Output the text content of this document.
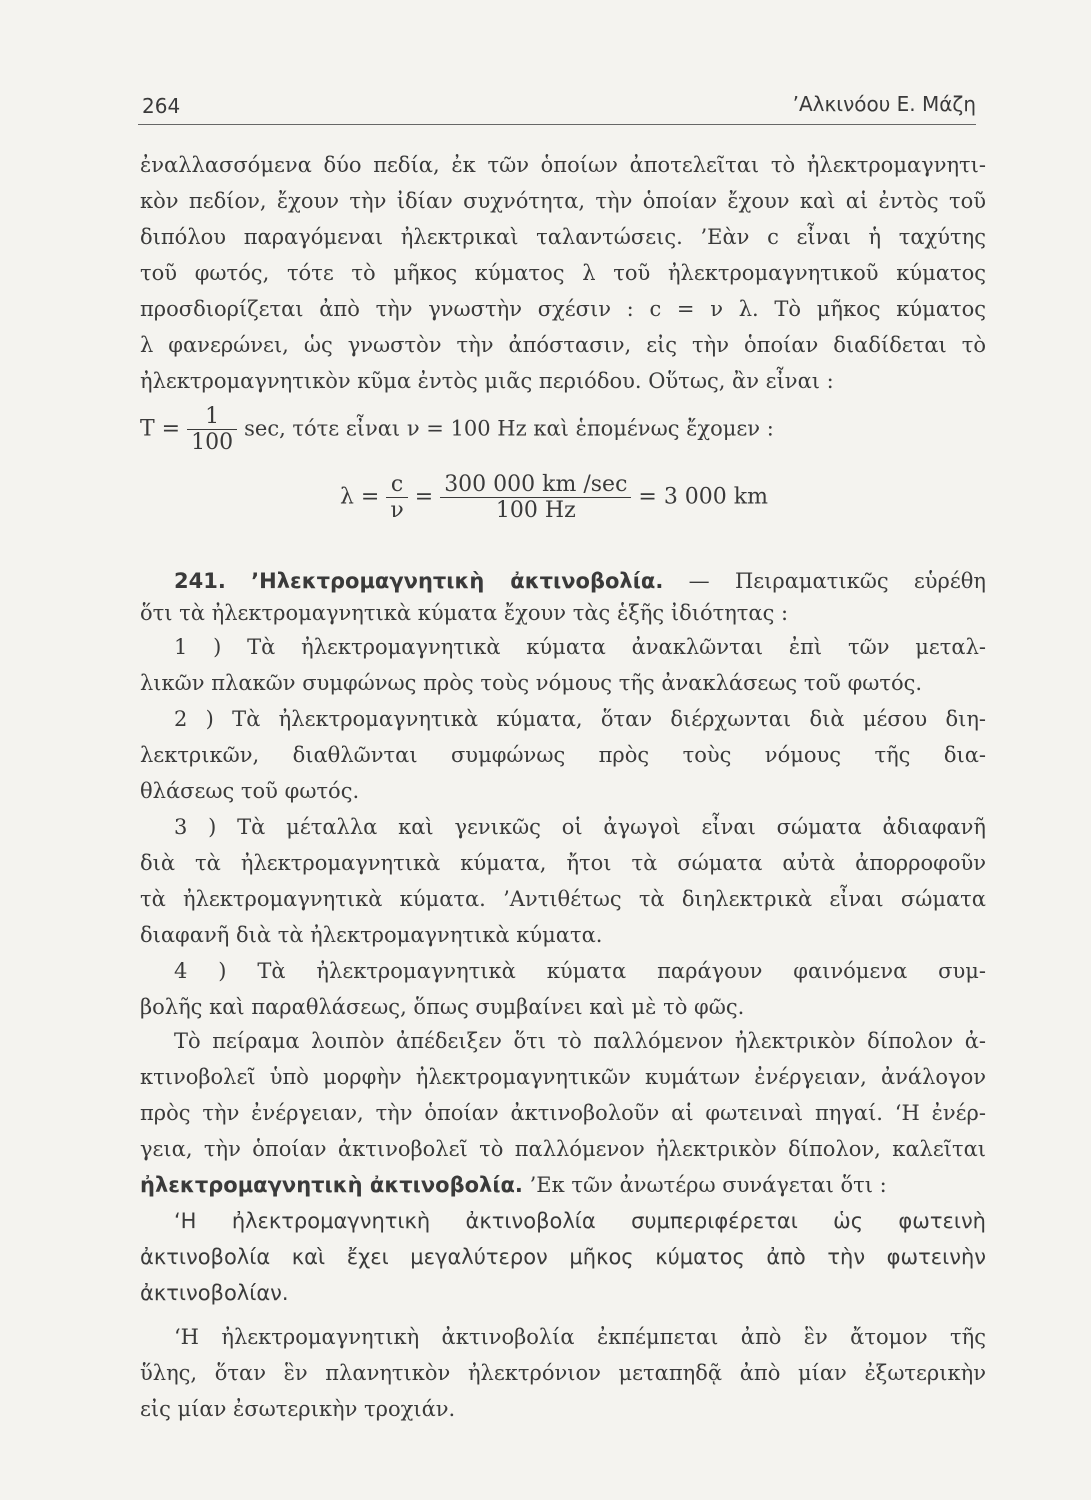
264	’Αλκινόου Ε. Μάζη
ἐναλλασσόμενα δύο πεδία, ἐκ τῶν ὁποίων ἀποτελεῖται τὸ ἠλεκτρομαγνητι-
κὸν πεδίον, ἔχουν τὴν ἰδίαν συχνότητα, τὴν ὁποίαν ἔχουν καὶ αἱ ἐντὸς τοῦ
διπόλου παραγόμεναι ἠλεκτρικαὶ ταλαντώσεις. ’Εὰν c εἶναι ἡ ταχύτης
τοῦ φωτός, τότε τὸ μῆκος κύματος λ τοῦ ἠλεκτρομαγνητικοῦ κύματος
προσδιορίζεται ἀπὸ τὴν γνωστὴν σχέσιν : c = ν λ. Τὸ μῆκος κύματος
λ φανερώνει, ὡς γνωστὸν τὴν ἀπόστασιν, εἰς τὴν ὁποίαν διαδίδεται τὸ
ἠλεκτρομαγνητικὸν κῦμα ἐντὸς μιᾶς περιόδου. Οὕτως, ἂν εἶναι :
$T = \frac{1}{100} \sec$, τότε εἶναι ν = 100 Hz καὶ ἑπομένως ἔχομεν :
$\lambda = \frac{c}{\nu} = \frac{300 000 km /\sec}{100 Hz} = 3$ 000 km
241. ’Ηλεκτρομαγνητικὴ ἀκτινοβολία. — Πειραματικῶς εὑρέθη
ὅτι τὰ ἠλεκτρομαγνητικὰ κύματα ἔχουν τὰς ἑξῆς ἰδιότητας :
1 ) Τὰ ἠλεκτρομαγνητικὰ κύματα ἀνακλῶνται ἐπὶ τῶν μεταλ-
λικῶν πλακῶν συμφώνως πρὸς τοὺς νόμους τῆς ἀνακλάσεως τοῦ φωτός.
2 ) Τὰ ἠλεκτρομαγνητικὰ κύματα, ὅταν διέρχωνται διὰ μέσου διη-
λεκτρικῶν, διαθλῶνται συμφώνως πρὸς τοὺς νόμους τῆς δια-
θλάσεως τοῦ φωτός.
3 ) Τὰ μέταλλα καὶ γενικῶς οἱ ἀγωγοὶ εἶναι σώματα ἀδιαφανῆ
διὰ τὰ ἠλεκτρομαγνητικὰ κύματα, ἤτοι τὰ σώματα αὐτὰ ἀπορροφοῦν
τὰ ἠλεκτρομαγνητικὰ κύματα. ’Αντιθέτως τὰ διηλεκτρικὰ εἶναι σώματα
διαφανῆ διὰ τὰ ἠλεκτρομαγνητικὰ κύματα.
4 ) Τὰ ἠλεκτρομαγνητικὰ κύματα παράγουν φαινόμενα συμ-
βολῆς καὶ παραθλάσεως, ὅπως συμβαίνει καὶ μὲ τὸ φῶς.
Τὸ πείραμα λοιπὸν ἀπέδειξεν ὅτι τὸ παλλόμενον ἠλεκτρικὸν δίπολον ἀ-
κτινοβολεῖ ὑπὸ μορφὴν ἠλεκτρομαγνητικῶν κυμάτων ἐνέργειαν, ἀνάλογον
πρὸς τὴν ἐνέργειαν, τὴν ὁποίαν ἀκτινοβολοῦν αἱ φωτειναὶ πηγαί. ‘Η ἐνέρ-
γεια, τὴν ὁποίαν ἀκτινοβολεῖ τὸ παλλόμενον ἠλεκτρικὸν δίπολον, καλεῖται
ἠλεκτρομαγνητικὴ ἀκτινοβολία. ’Εκ τῶν ἀνωτέρω συνάγεται ὅτι :
‘Η ἠλεκτρομαγνητικὴ ἀκτινοβολία συμπεριφέρεται ὡς φωτεινὴ
ἀκτινοβολία καὶ ἔχει μεγαλύτερον μῆκος κύματος ἀπὸ τὴν φωτεινὴν
ἀκτινοβολίαν.
‘Η ἠλεκτρομαγνητικὴ ἀκτινοβολία ἐκπέμπεται ἀπὸ ἓν ἄτομον τῆς
ὕλης, ὅταν ἓν πλανητικὸν ἠλεκτρόνιον μεταπηδᾷ ἀπὸ μίαν ἐξωτερικὴν
εἰς μίαν ἐσωτερικὴν τροχιάν.
